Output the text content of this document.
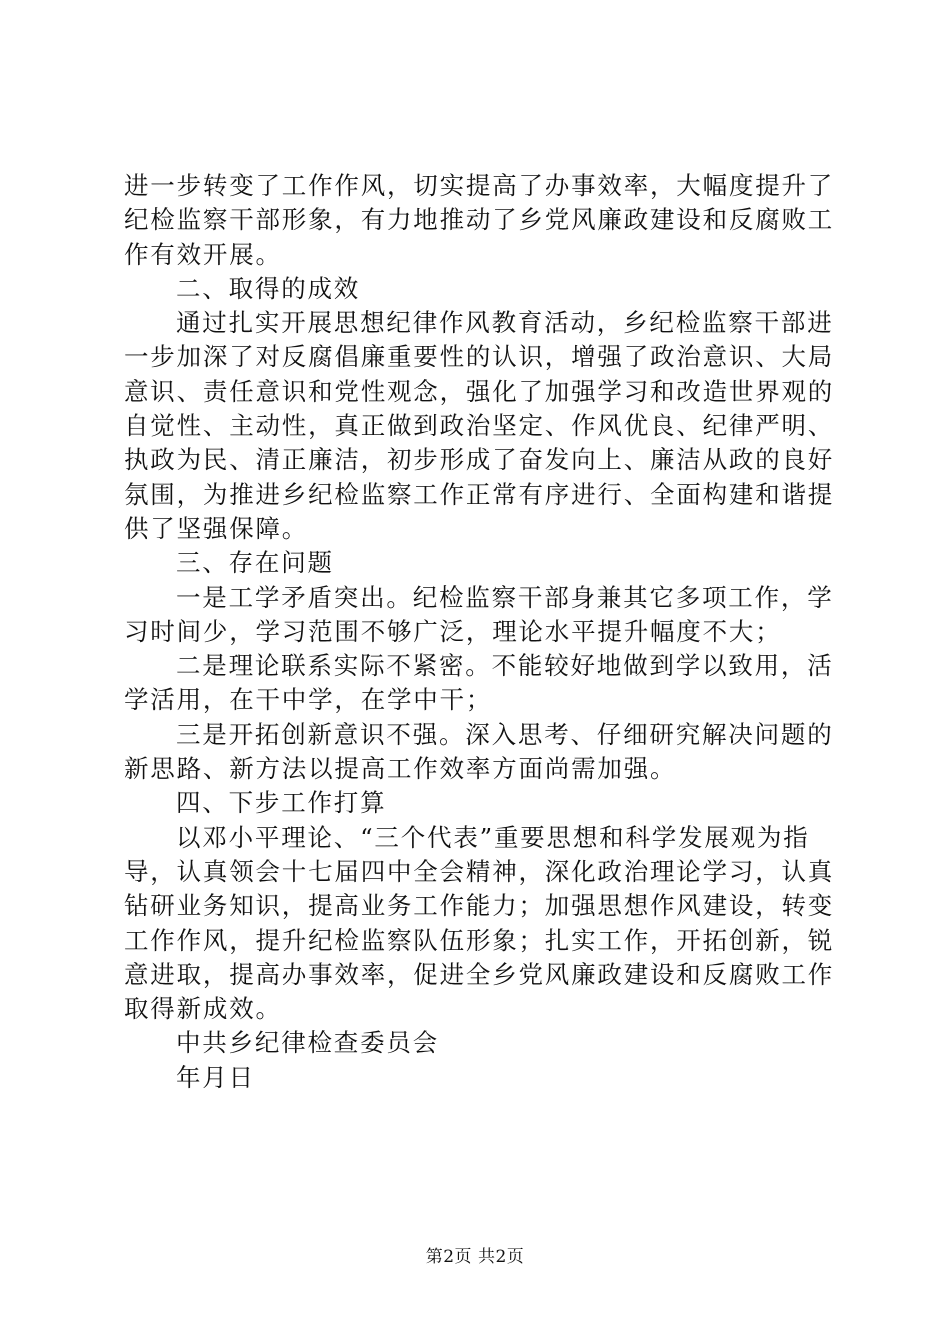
进一步转变了工作作风，切实提高了办事效率，大幅度提升了
纪检监察干部形象，有力地推动了乡党风廉政建设和反腐败工
作有效开展。
二、取得的成效
通过扎实开展思想纪律作风教育活动，乡纪检监察干部进
一步加深了对反腐倡廉重要性的认识，增强了政治意识、大局
意识、责任意识和党性观念，强化了加强学习和改造世界观的
自觉性、主动性，真正做到政治坚定、作风优良、纪律严明、
执政为民、清正廉洁，初步形成了奋发向上、廉洁从政的良好
氛围，为推进乡纪检监察工作正常有序进行、全面构建和谐提
供了坚强保障。
三、存在问题
一是工学矛盾突出。纪检监察干部身兼其它多项工作，学
习时间少，学习范围不够广泛，理论水平提升幅度不大；
二是理论联系实际不紧密。不能较好地做到学以致用，活
学活用，在干中学，在学中干；
三是开拓创新意识不强。深入思考、仔细研究解决问题的
新思路、新方法以提高工作效率方面尚需加强。
四、下步工作打算
以邓小平理论、“三个代表”重要思想和科学发展观为指
导，认真领会十七届四中全会精神，深化政治理论学习，认真
钻研业务知识，提高业务工作能力；加强思想作风建设，转变
工作作风，提升纪检监察队伍形象；扎实工作，开拓创新，锐
意进取，提高办事效率，促进全乡党风廉政建设和反腐败工作
取得新成效。
中共乡纪律检查委员会
年月日
第2页 共2页
